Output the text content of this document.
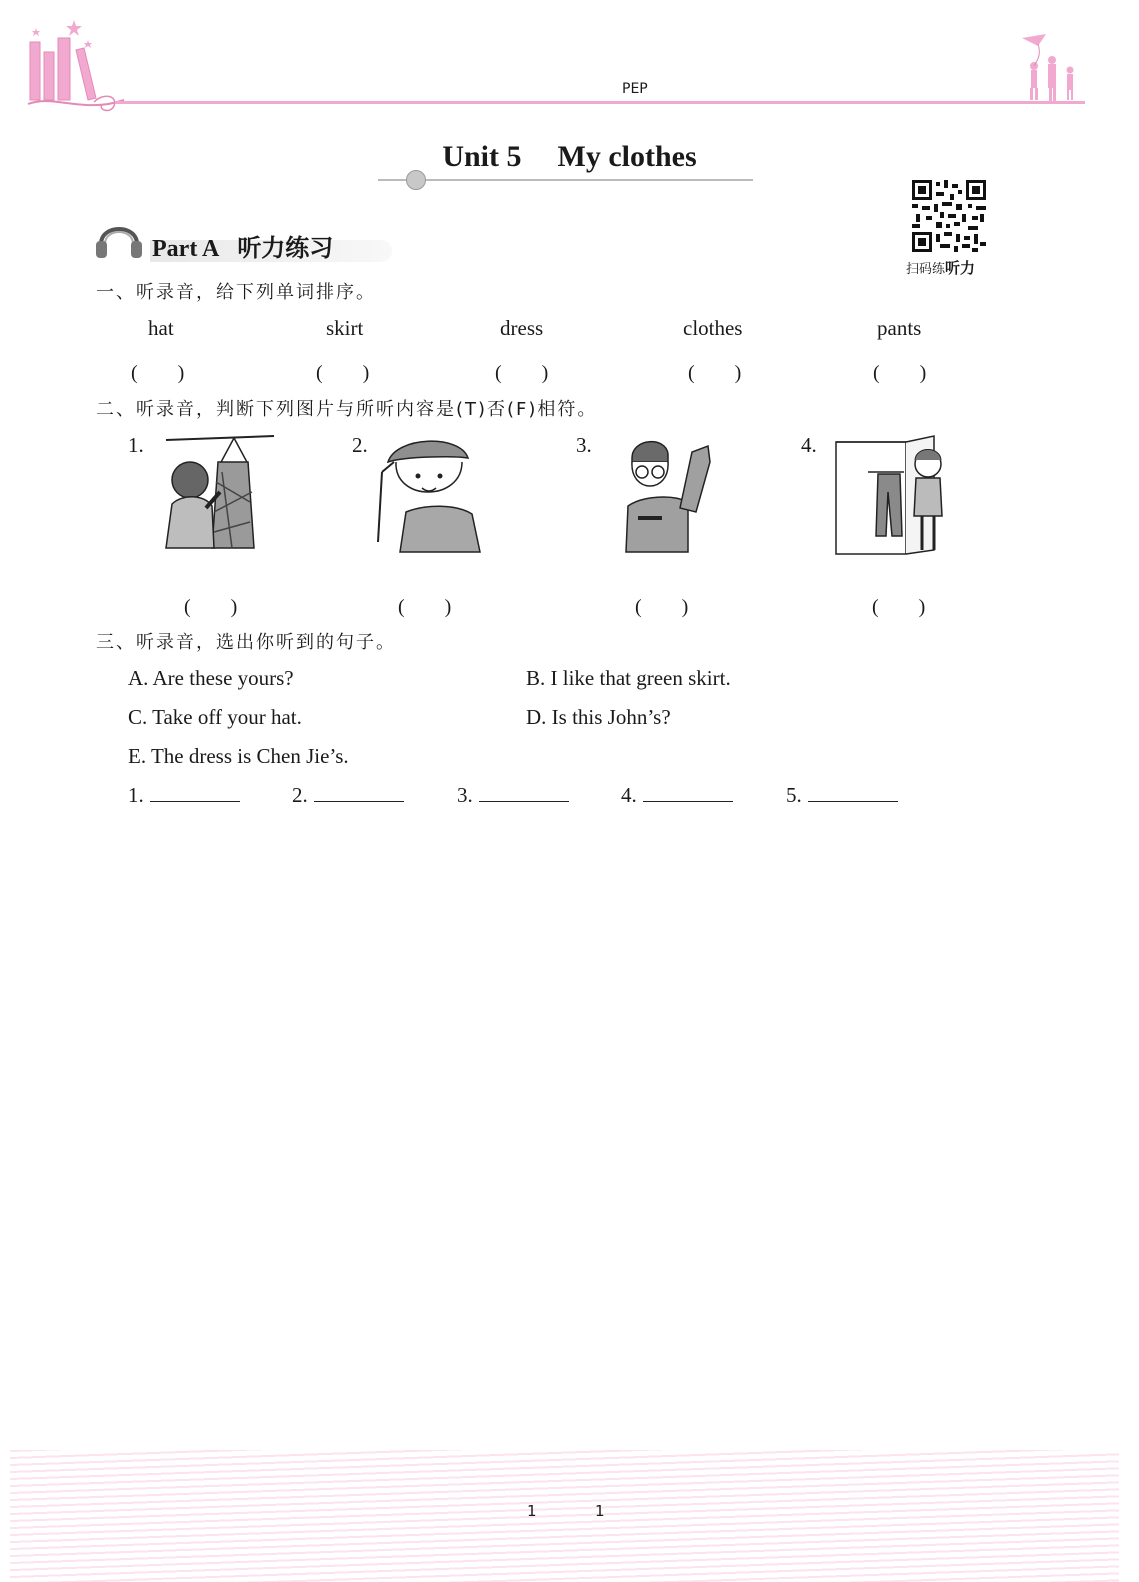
PEP
Unit 5 My clothes
扫码练听力
Part A 听力练习
一、听录音，给下列单词排序。
hat	skirt	dress	clothes	pants
(　　)	(　　)	(　　)	(　　)	(　　)
二、听录音，判断下列图片与所听内容是(T)否(F)相符。
1.	2.	3.	4.
(　　)	(　　)	(　　)	(　　)
三、听录音，选出你听到的句子。
A. Are these yours?	B. I like that green skirt.
C. Take off your hat.	D. Is this John’s?
E. The dress is Chen Jie’s.
1.	2.	3.	4.	5.
1	1
